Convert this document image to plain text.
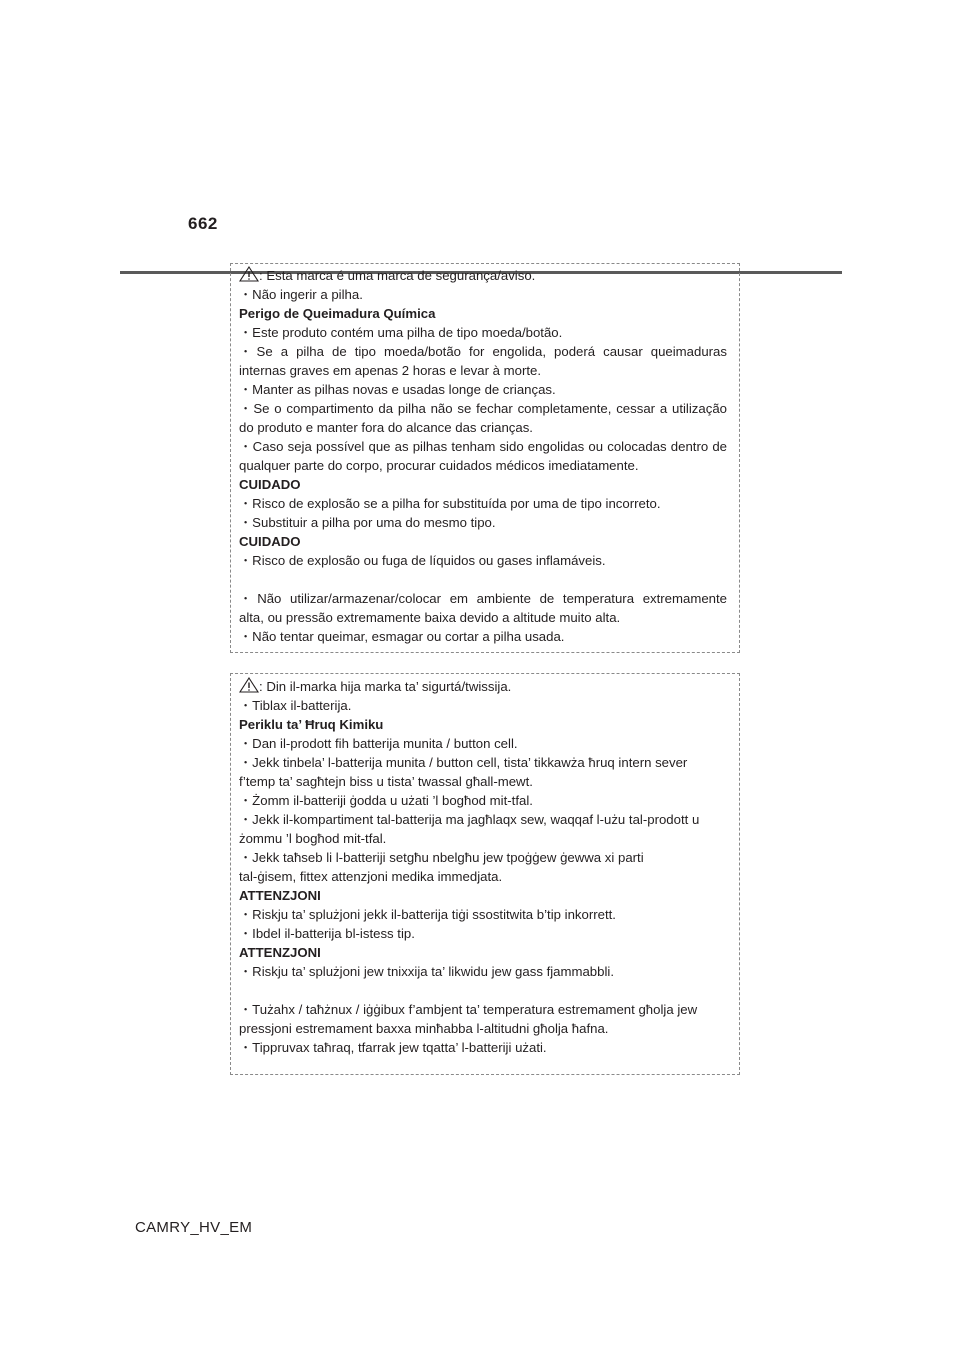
662
: Esta marca é uma marca de segurança/aviso.
・Não ingerir a pilha.
Perigo de Queimadura Química
・Este produto contém uma pilha de tipo moeda/botão.
・Se a pilha de tipo moeda/botão for engolida, poderá causar queimaduras
internas graves em apenas 2 horas e levar à morte.
・Manter as pilhas novas e usadas longe de crianças.
・Se o compartimento da pilha não se fechar completamente, cessar a utilização
do produto e manter fora do alcance das crianças.
・Caso seja possível que as pilhas tenham sido engolidas ou colocadas dentro de
qualquer parte do corpo, procurar cuidados médicos imediatamente.
CUIDADO
・Risco de explosão se a pilha for substituída por uma de tipo incorreto.
・Substituir a pilha por uma do mesmo tipo.
CUIDADO
・Risco de explosão ou fuga de líquidos ou gases inflamáveis.
・Não utilizar/armazenar/colocar em ambiente de temperatura extremamente
alta, ou pressão extremamente baixa devido a altitude muito alta.
・Não tentar queimar, esmagar ou cortar a pilha usada.
: Din il-marka hija marka ta’ sigurtá/twissija.
・Tiblax il-batterija.
Periklu ta’ Ħruq Kimiku
・Dan il-prodott fih batterija munita / button cell.
・Jekk tinbela’ l-batterija munita / button cell, tista’ tikkawża ħruq intern sever
f’temp ta’ sagħtejn biss u tista’ twassal għall-mewt.
・Żomm il-batteriji ġodda u użati ’l bogħod mit-tfal.
・Jekk il-kompartiment tal-batterija ma jagħlaqx sew, waqqaf l-użu tal-prodott u
żommu ’l bogħod mit-tfal.
・Jekk taħseb li l-batteriji setgħu nbelgħu jew tpoġġew ġewwa xi parti
tal-ġisem, fittex attenzjoni medika immedjata.
ATTENZJONI
・Riskju ta’ splużjoni jekk il-batterija tiġi ssostitwita b’tip inkorrett.
・Ibdel il-batterija bl-istess tip.
ATTENZJONI
・Riskju ta’ splużjoni jew tnixxija ta’ likwidu jew gass fjammabbli.
・Tużahx / taħżnux / iġġibux f’ambjent ta’ temperatura estremament għolja jew
pressjoni estremament baxxa minħabba l-altitudni għolja ħafna.
・Tippruvax taħraq, tfarrak jew tqatta’ l-batteriji użati.
CAMRY_HV_EM
